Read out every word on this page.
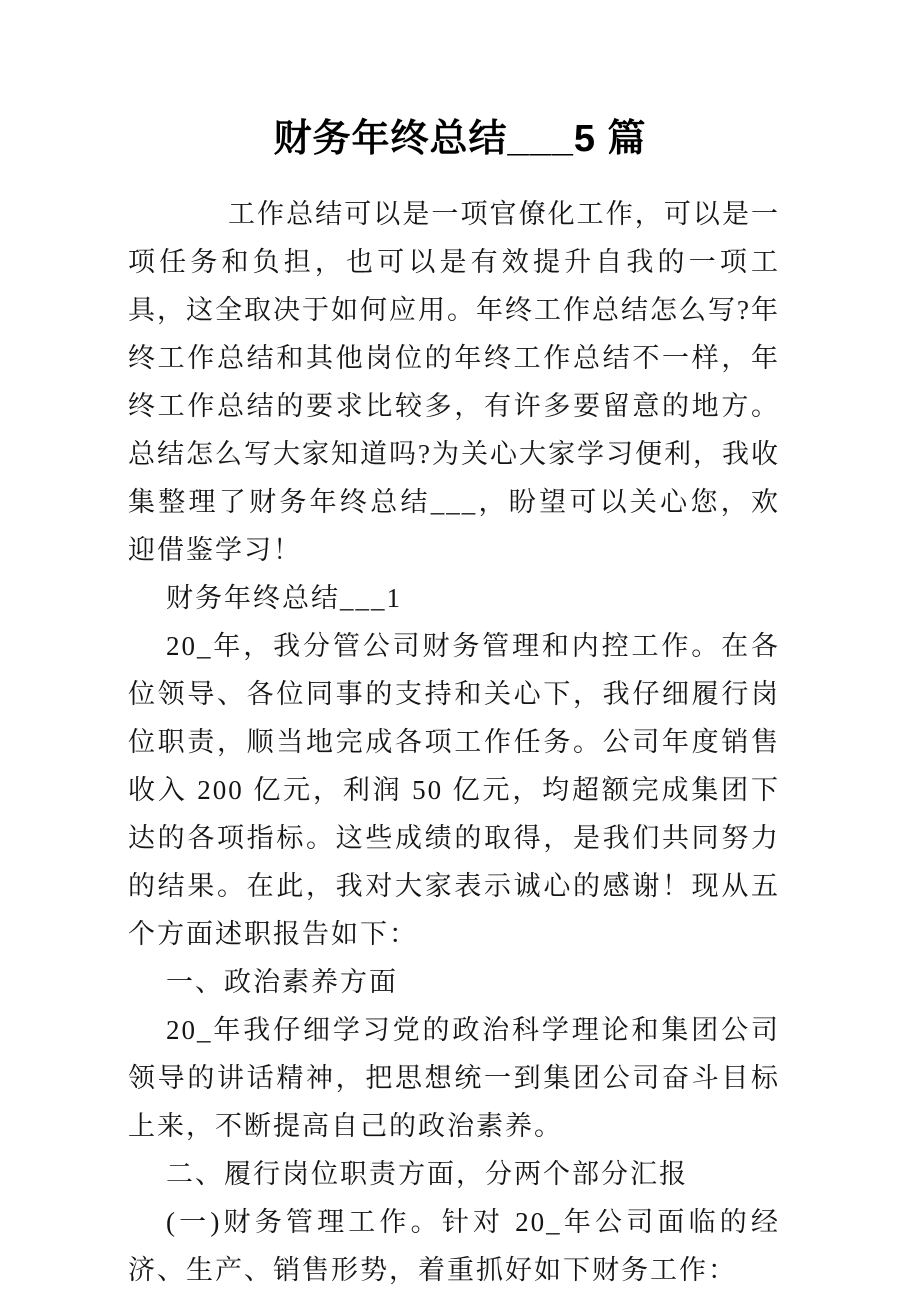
财务年终总结___5 篇

工作总结可以是一项官僚化工作，可以是一项任务和负担，也可以是有效提升自我的一项工具，这全取决于如何应用。年终工作总结怎么写?年终工作总结和其他岗位的年终工作总结不一样，年终工作总结的要求比较多，有许多要留意的地方。总结怎么写大家知道吗?为关心大家学习便利，我收集整理了财务年终总结___，盼望可以关心您，欢迎借鉴学习！

财务年终总结___1

20_年，我分管公司财务管理和内控工作。在各位领导、各位同事的支持和关心下，我仔细履行岗位职责，顺当地完成各项工作任务。公司年度销售收入 200 亿元，利润 50 亿元，均超额完成集团下达的各项指标。这些成绩的取得，是我们共同努力的结果。在此，我对大家表示诚心的感谢！现从五个方面述职报告如下：

一、政治素养方面

20_年我仔细学习党的政治科学理论和集团公司领导的讲话精神，把思想统一到集团公司奋斗目标上来，不断提高自己的政治素养。

二、履行岗位职责方面，分两个部分汇报

(一)财务管理工作。针对 20_年公司面临的经济、生产、销售形势，着重抓好如下财务工作：
